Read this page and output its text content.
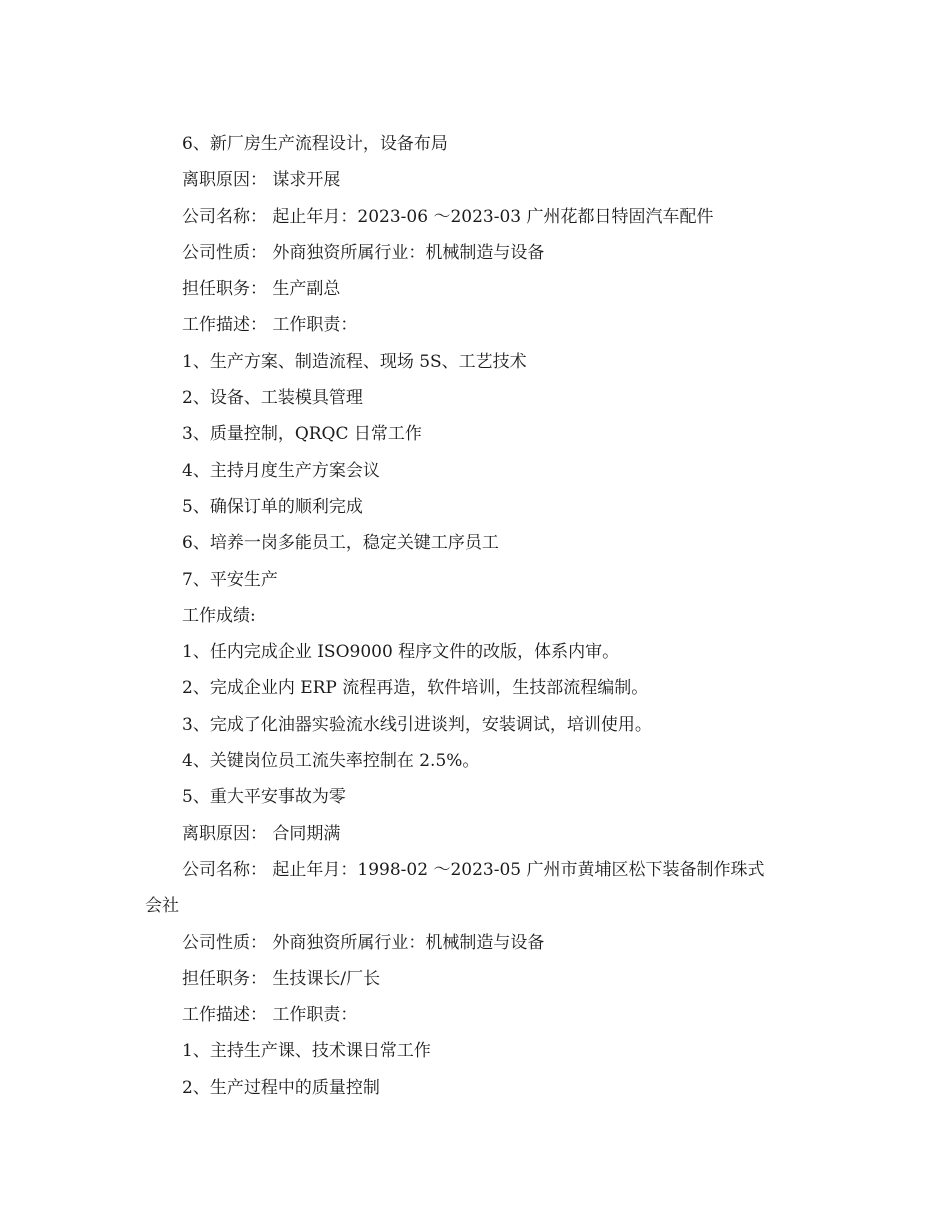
6、新厂房生产流程设计，设备布局
离职原因： 谋求开展
公司名称： 起止年月：2023-06 ～2023-03 广州花都日特固汽车配件
公司性质： 外商独资所属行业：机械制造与设备
担任职务： 生产副总
工作描述： 工作职责：
1、生产方案、制造流程、现场 5S、工艺技术
2、设备、工装模具管理
3、质量控制，QRQC 日常工作
4、主持月度生产方案会议
5、确保订单的顺利完成
6、培养一岗多能员工，稳定关键工序员工
7、平安生产
工作成绩:
1、任内完成企业 ISO9000 程序文件的改版，体系内审。
2、完成企业内 ERP 流程再造，软件培训，生技部流程编制。
3、完成了化油器实验流水线引进谈判，安装调试，培训使用。
4、关键岗位员工流失率控制在 2.5%。
5、重大平安事故为零
离职原因： 合同期满
公司名称： 起止年月：1998-02 ～2023-05 广州市黄埔区松下装备制作珠式
会社
公司性质： 外商独资所属行业：机械制造与设备
担任职务： 生技课长/厂长
工作描述： 工作职责：
1、主持生产课、技术课日常工作
2、生产过程中的质量控制
